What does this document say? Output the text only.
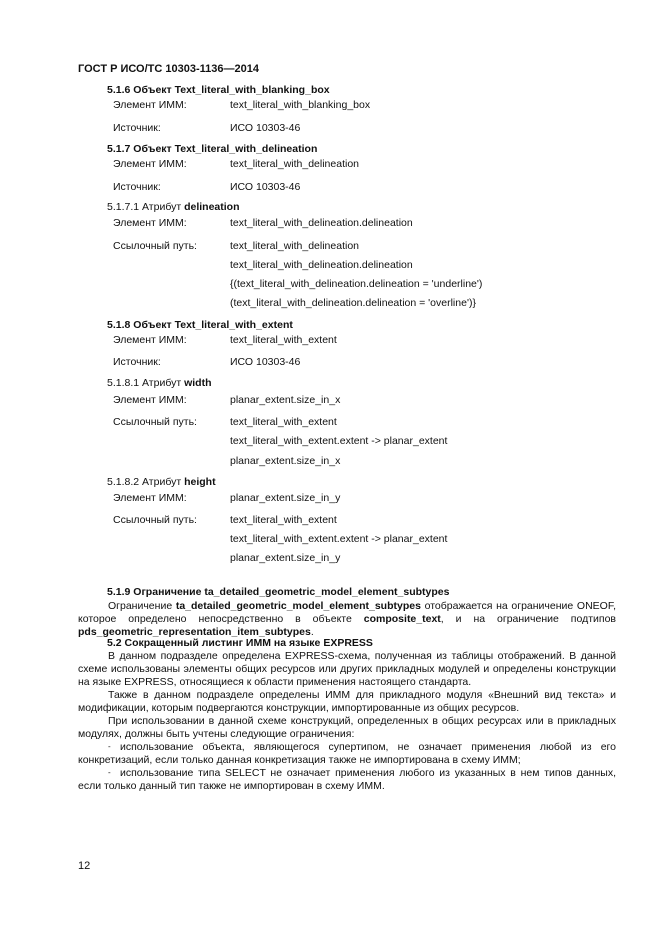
ГОСТ Р ИСО/ТС 10303-1136—2014
5.1.6 Объект Text_literal_with_blanking_box
Элемент ИММ:	text_literal_with_blanking_box
Источник:	ИСО 10303-46
5.1.7 Объект Text_literal_with_delineation
Элемент ИММ:	text_literal_with_delineation
Источник:	ИСО 10303-46
5.1.7.1 Атрибут delineation
Элемент ИММ:	text_literal_with_delineation.delineation
Ссылочный путь:	text_literal_with_delineation
text_literal_with_delineation.delineation
{(text_literal_with_delineation.delineation = 'underline')
(text_literal_with_delineation.delineation = 'overline')}
5.1.8 Объект Text_literal_with_extent
Элемент ИММ:	text_literal_with_extent
Источник:	ИСО 10303-46
5.1.8.1 Атрибут width
Элемент ИММ:	planar_extent.size_in_x
Ссылочный путь:	text_literal_with_extent
text_literal_with_extent.extent -> planar_extent
planar_extent.size_in_x
5.1.8.2 Атрибут height
Элемент ИММ:	planar_extent.size_in_y
Ссылочный путь:	text_literal_with_extent
text_literal_with_extent.extent -> planar_extent
planar_extent.size_in_y
5.1.9 Ограничение ta_detailed_geometric_model_element_subtypes
Ограничение ta_detailed_geometric_model_element_subtypes отображается на ограничение ONEOF, которое определено непосредственно в объекте composite_text, и на ограничение подтипов pds_geometric_representation_item_subtypes.
5.2 Сокращенный листинг ИММ на языке EXPRESS
В данном подразделе определена EXPRESS-схема, полученная из таблицы отображений. В данной схеме использованы элементы общих ресурсов или других прикладных модулей и определены конструкции на языке EXPRESS, относящиеся к области применения настоящего стандарта.
Также в данном подразделе определены ИММ для прикладного модуля «Внешний вид текста» и модификации, которым подвергаются конструкции, импортированные из общих ресурсов.
При использовании в данной схеме конструкций, определенных в общих ресурсах или в прикладных модулях, должны быть учтены следующие ограничения:
- использование объекта, являющегося супертипом, не означает применения любой из его конкретизаций, если только данная конкретизация также не импортирована в схему ИММ;
- использование типа SELECT не означает применения любого из указанных в нем типов данных, если только данный тип также не импортирован в схему ИММ.
12
